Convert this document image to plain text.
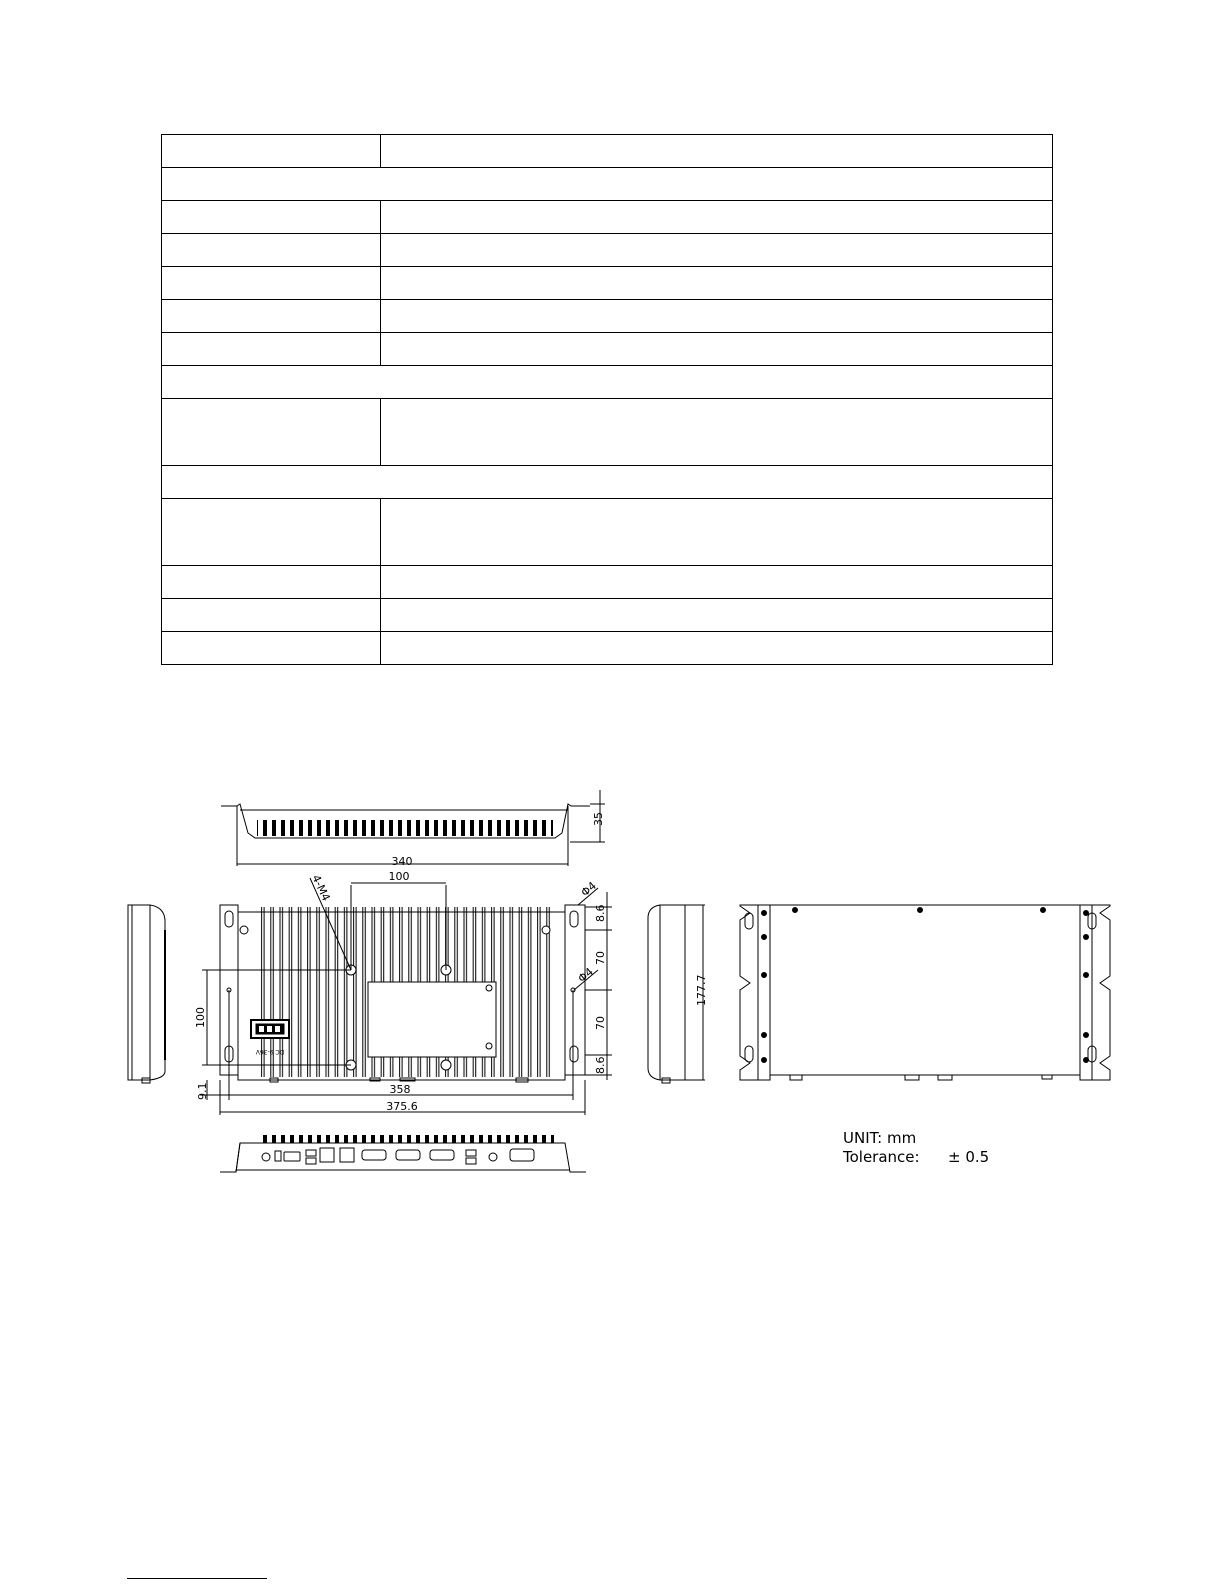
340
35
100
4-M4
100
Φ4
Φ4
8.6
70
70
8.6
9.1	358
375.6
DC 9-36V
177.7
UNIT: mm
Tolerance: ± 0.5
